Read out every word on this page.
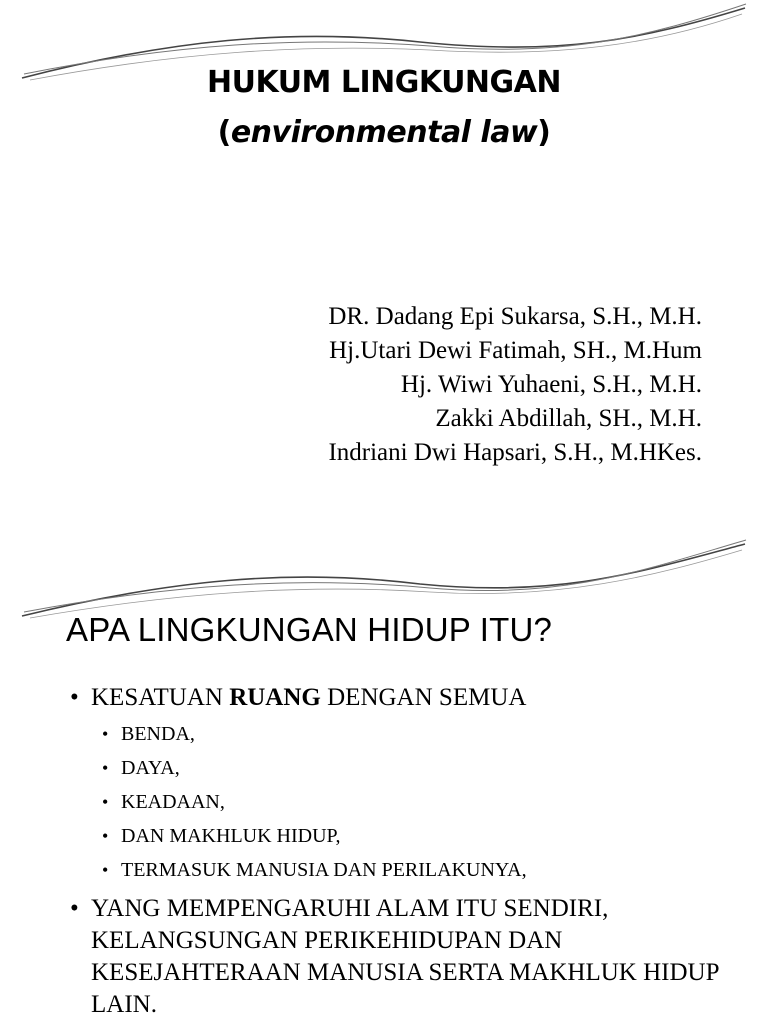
HUKUM LINGKUNGAN
(environmental law)
DR. Dadang Epi Sukarsa, S.H., M.H.
Hj.Utari Dewi Fatimah, SH., M.Hum
Hj. Wiwi Yuhaeni, S.H., M.H.
Zakki Abdillah, SH., M.H.
Indriani Dwi Hapsari, S.H., M.HKes.
APA LINGKUNGAN HIDUP ITU?
• KESATUAN RUANG DENGAN SEMUA
• BENDA,
• DAYA,
• KEADAAN,
• DAN MAKHLUK HIDUP,
• TERMASUK MANUSIA DAN PERILAKUNYA,
• YANG MEMPENGARUHI ALAM ITU SENDIRI, KELANGSUNGAN PERIKEHIDUPAN DAN KESEJAHTERAAN MANUSIA SERTA MAKHLUK HIDUP LAIN.
